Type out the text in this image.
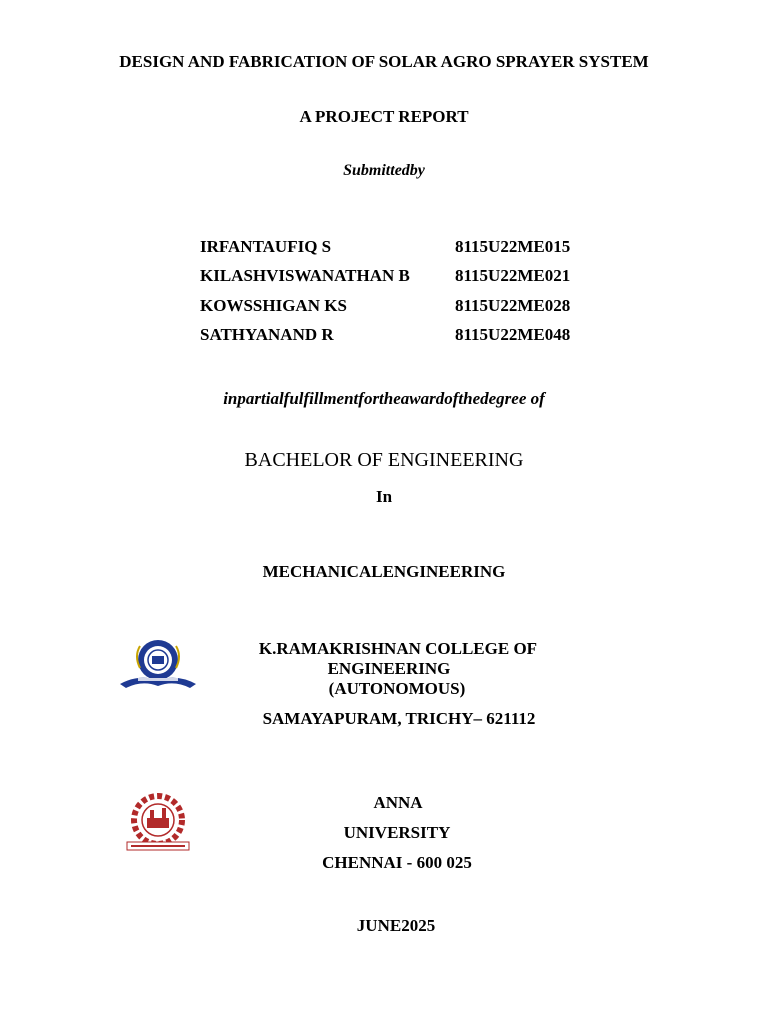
DESIGN AND FABRICATION OF SOLAR AGRO SPRAYER SYSTEM
A PROJECT REPORT
Submittedby
IRFANTAUFIQ S	8115U22ME015
KILASHVISWANATHAN B	8115U22ME021
KOWSSHIGAN KS	8115U22ME028
SATHYANAND R	8115U22ME048
inpartialfulfillmentfortheawardofthedegree of
BACHELOR OF ENGINEERING
In
MECHANICALENGINEERING
K.RAMAKRISHNAN COLLEGE OF
ENGINEERING
(AUTONOMOUS)
SAMAYAPURAM, TRICHY– 621112
ANNA
UNIVERSITY
CHENNAI - 600 025
JUNE2025
